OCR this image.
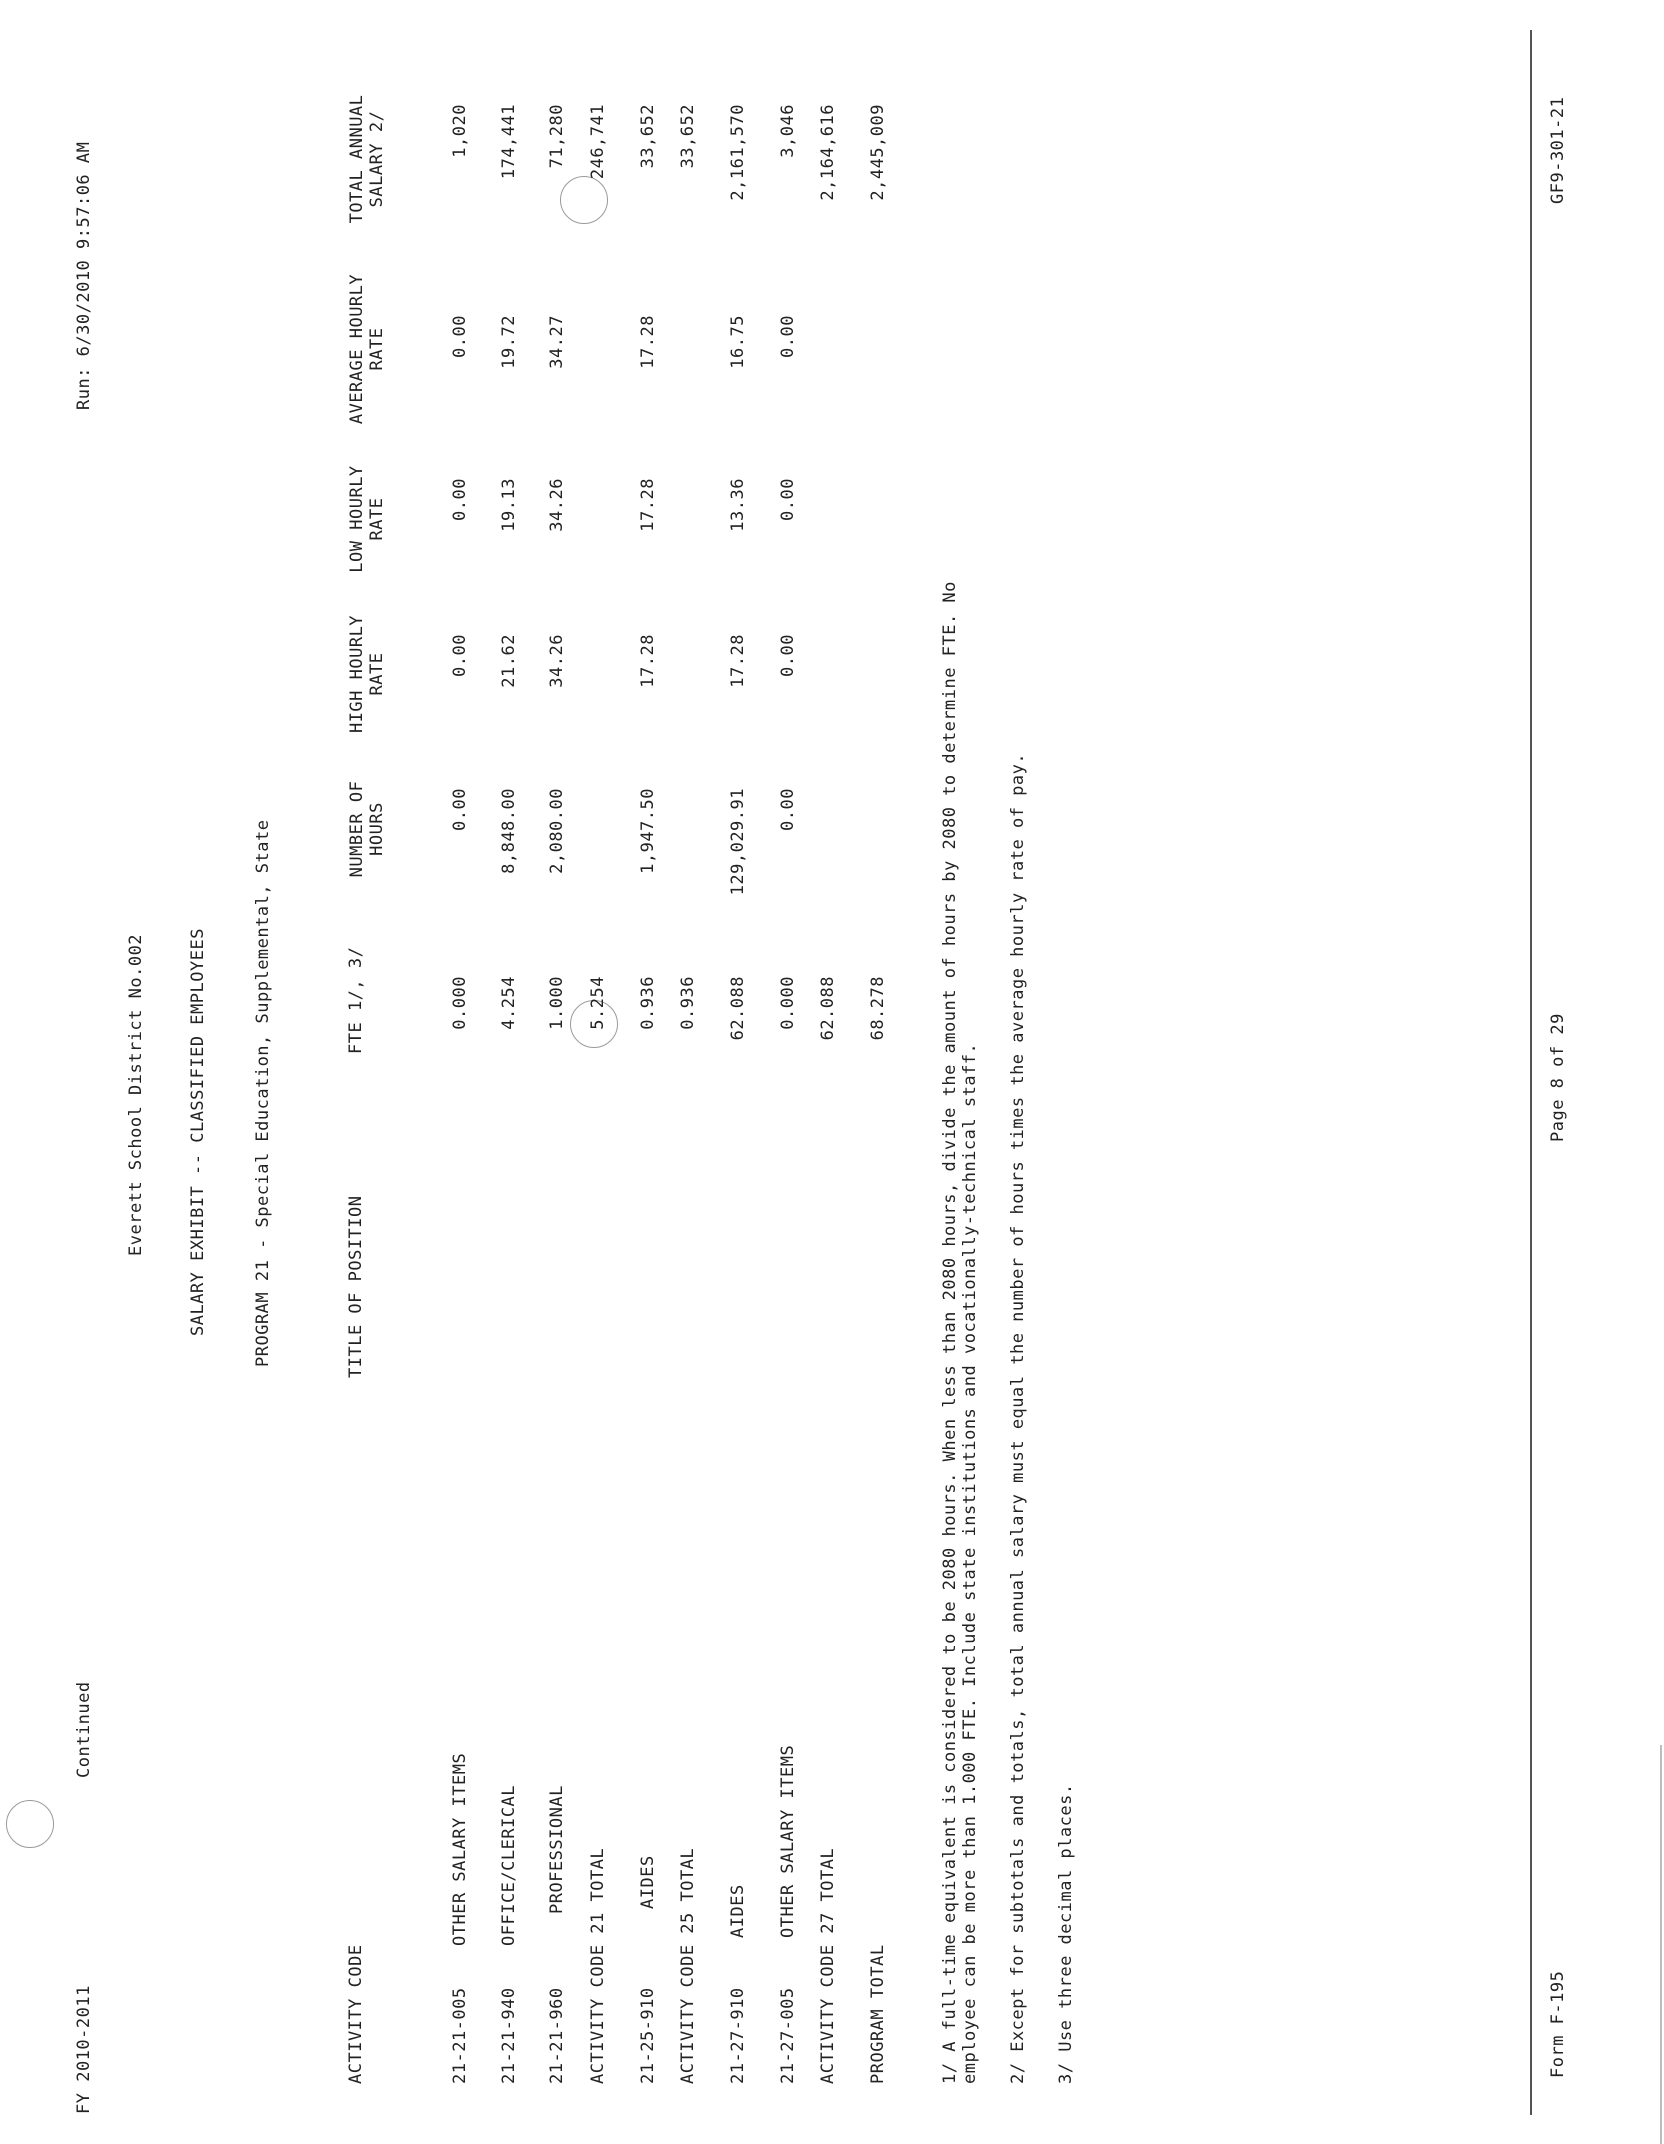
FY 2010-2011
Continued
Run: 6/30/2010 9:57:06 AM
Everett School District No.002 SALARY EXHIBIT -- CLASSIFIED EMPLOYEES	PROGRAM 21 - Special Education, Supplemental, State
ACTIVITY CODE
TITLE OF POSITION
FTE 1/, 3/
NUMBER OF
HOURS
HIGH HOURLY
RATE
LOW HOURLY
RATE
AVERAGE HOURLY
RATE
TOTAL ANNUAL
SALARY 2/
21-21-005
OTHER SALARY ITEMS
0.000
0.00
0.00
0.00
0.00
1,020
21-21-940
OFFICE/CLERICAL
4.254
8,848.00
21.62
19.13
19.72
174,441
21-21-960
PROFESSIONAL
1.000
2,080.00
34.26
34.26
34.27
71,280
ACTIVITY CODE 21 TOTAL
5.254
246,741
21-25-910
AIDES
0.936
1,947.50
17.28
17.28
17.28
33,652
ACTIVITY CODE 25 TOTAL
0.936
33,652
21-27-910
AIDES
62.088
129,029.91
17.28
13.36
16.75
2,161,570
21-27-005
OTHER SALARY ITEMS
0.000
0.00
0.00
0.00
0.00
3,046
ACTIVITY CODE 27 TOTAL
62.088
2,164,616
PROGRAM TOTAL
68.278
2,445,009
1/ A full-time equivalent is considered to be 2080 hours. When less than 2080 hours, divide the amount of hours by 2080 to determine FTE. No employee can be more than 1.000 FTE. Include state institutions and vocationally-technical staff. 2/ Except for subtotals and totals, total annual salary must equal the number of hours times the average hourly rate of pay. 3/ Use three decimal places.	Form F-195
Page 8 of 29
GF9-301-21
